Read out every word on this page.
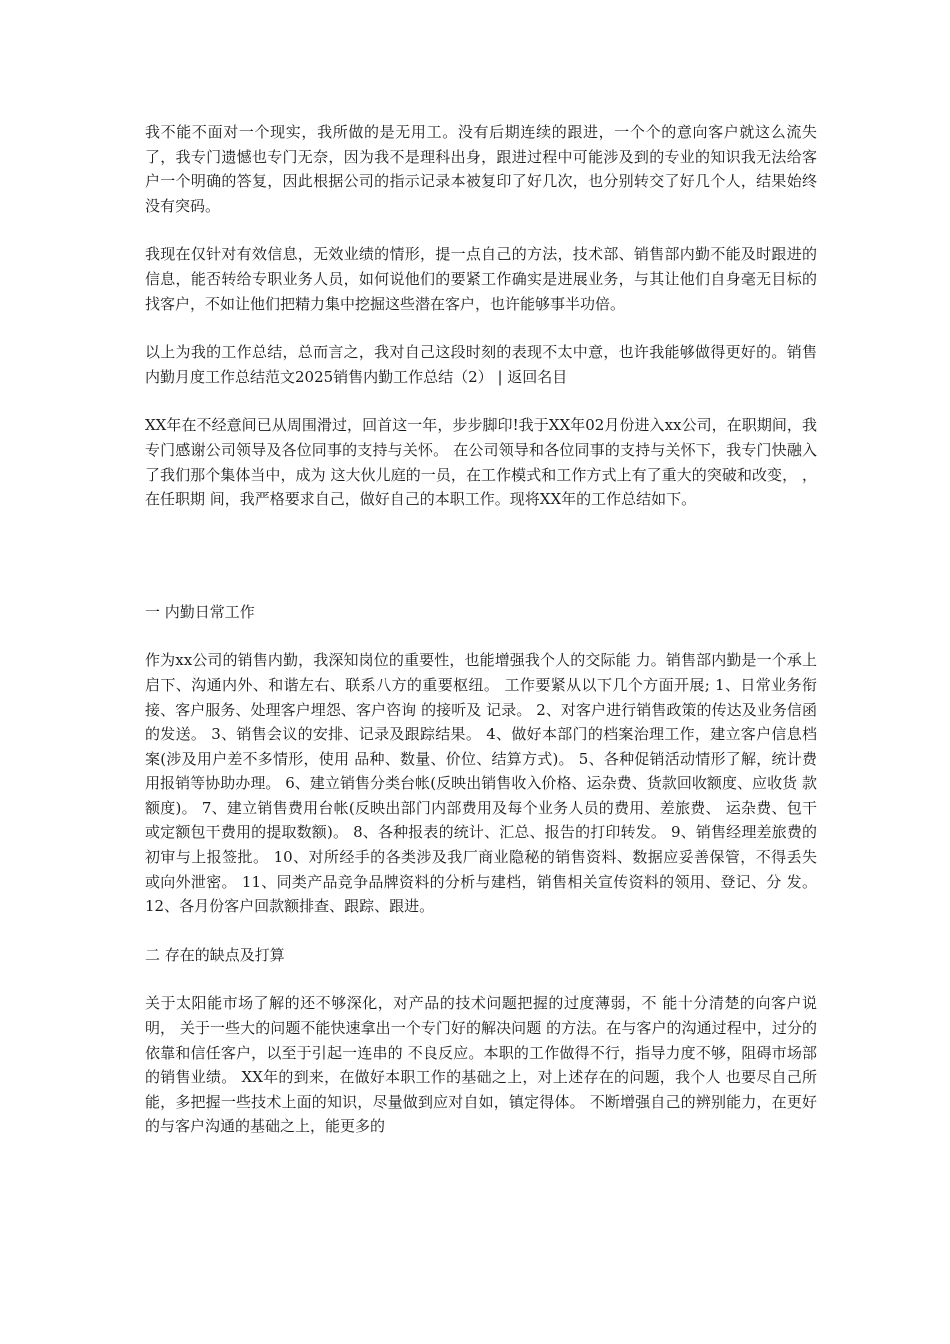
我不能不面对一个现实，我所做的是无用工。没有后期连续的跟进，一个个的意向客户就这么流失了，我专门遗憾也专门无奈，因为我不是理科出身，跟进过程中可能涉及到的专业的知识我无法给客户一个明确的答复，因此根据公司的指示记录本被复印了好几次，也分别转交了好几个人，结果始终没有突码。

我现在仅针对有效信息，无效业绩的情形，提一点自己的方法，技术部、销售部内勤不能及时跟进的信息，能否转给专职业务人员，如何说他们的要紧工作确实是进展业务，与其让他们自身毫无目标的找客户，不如让他们把精力集中挖掘这些潜在客户，也许能够事半功倍。

以上为我的工作总结，总而言之，我对自己这段时刻的表现不太中意，也许我能够做得更好的。销售内勤月度工作总结范文2025销售内勤工作总结（2） | 返回名目

XX年在不经意间已从周围滑过，回首这一年，步步脚印!我于XX年02月份进入xx公司，在职期间，我专门感谢公司领导及各位同事的支持与关怀。 在公司领导和各位同事的支持与关怀下，我专门快融入了我们那个集体当中，成为 这大伙儿庭的一员，在工作模式和工作方式上有了重大的突破和改变， ，在任职期 间，我严格要求自己，做好自己的本职工作。现将XX年的工作总结如下。

一 内勤日常工作

作为xx公司的销售内勤，我深知岗位的重要性，也能增强我个人的交际能 力。销售部内勤是一个承上启下、沟通内外、和谐左右、联系八方的重要枢纽。 工作要紧从以下几个方面开展; 1、日常业务衔接、客户服务、处理客户埋怨、客户咨询 的接听及 记录。 2、对客户进行销售政策的传达及业务信函的发送。 3、销售会议的安排、记录及跟踪结果。 4、做好本部门的档案治理工作，建立客户信息档案(涉及用户差不多情形，使用 品种、数量、价位、结算方式)。 5、各种促销活动情形了解，统计费用报销等协助办理。 6、建立销售分类台帐(反映出销售收入价格、运杂费、货款回收额度、应收货 款额度)。 7、建立销售费用台帐(反映出部门内部费用及每个业务人员的费用、差旅费、 运杂费、包干或定额包干费用的提取数额)。 8、各种报表的统计、汇总、报告的打印转发。 9、销售经理差旅费的初审与上报签批。 10、对所经手的各类涉及我厂商业隐秘的销售资料、数据应妥善保管，不得丢失 或向外泄密。 11、同类产品竞争品牌资料的分析与建档，销售相关宣传资料的领用、登记、分 发。 12、各月份客户回款额排查、跟踪、跟进。

二 存在的缺点及打算

关于太阳能市场了解的还不够深化，对产品的技术问题把握的过度薄弱，不 能十分清楚的向客户说明， 关于一些大的问题不能快速拿出一个专门好的解决问题 的方法。在与客户的沟通过程中，过分的依靠和信任客户，以至于引起一连串的 不良反应。本职的工作做得不行，指导力度不够，阻碍市场部的销售业绩。 XX年的到来，在做好本职工作的基础之上，对上述存在的问题，我个人 也要尽自己所能，多把握一些技术上面的知识，尽量做到应对自如，镇定得体。 不断增强自己的辨别能力，在更好的与客户沟通的基础之上，能更多的
